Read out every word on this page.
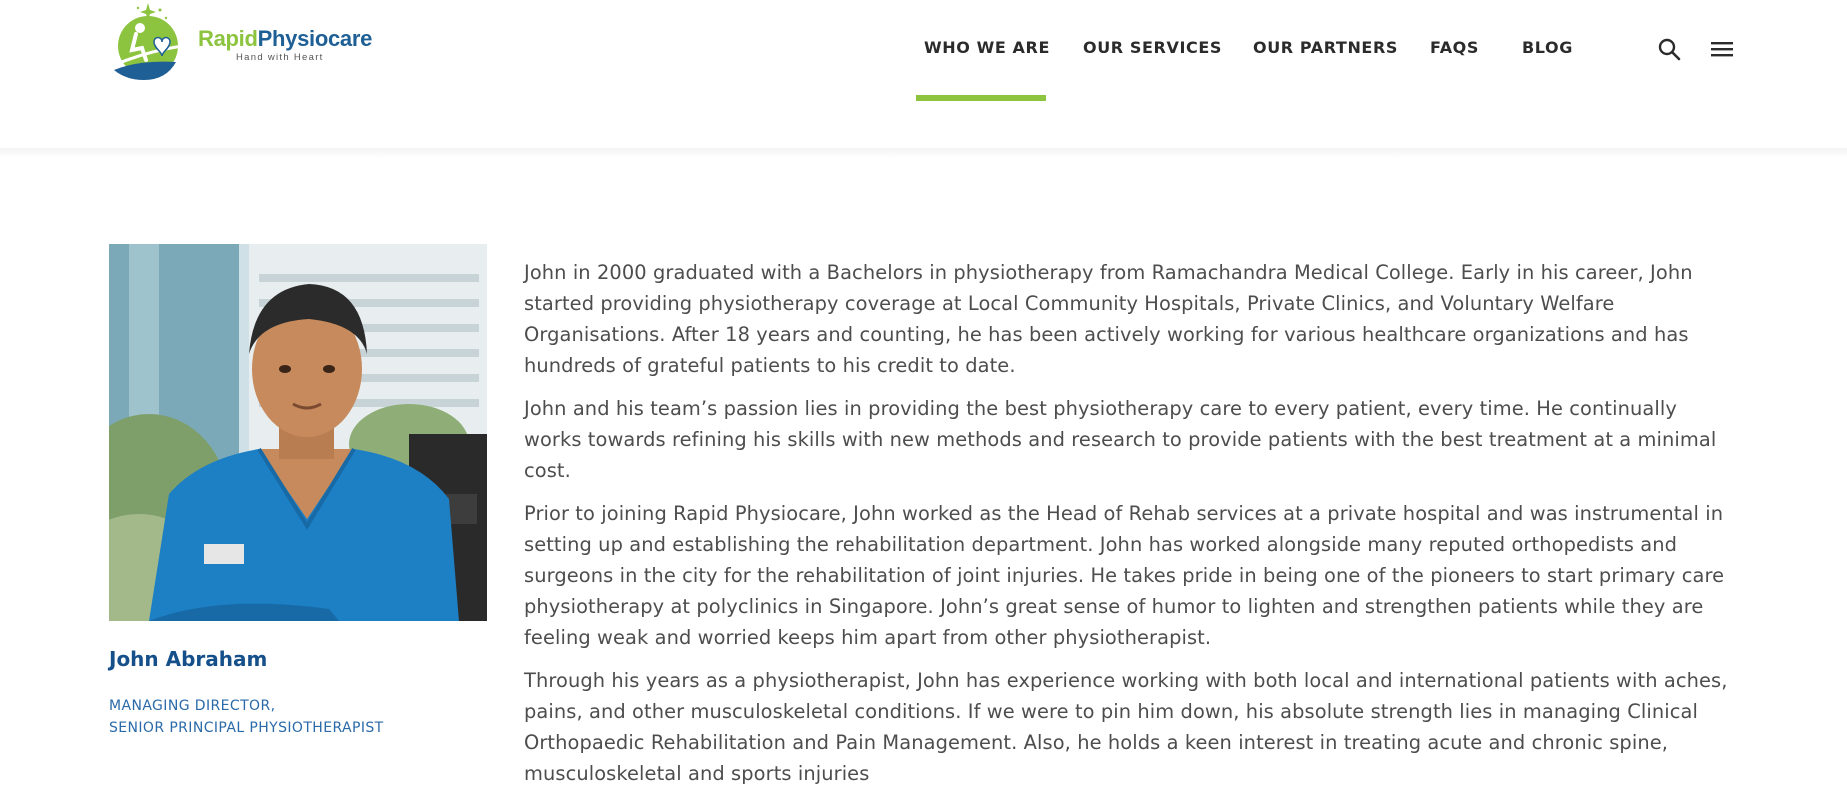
RapidPhysiocare
Hand with Heart
WHO WE ARE OUR SERVICES OUR PARTNERS FAQS	BLOG
John Abraham
MANAGING DIRECTOR,
SENIOR PRINCIPAL PHYSIOTHERAPIST

John in 2000 graduated with a Bachelors in physiotherapy from Ramachandra Medical College. Early in his career, John started providing physiotherapy coverage at Local Community Hospitals, Private Clinics, and Voluntary Welfare Organisations. After 18 years and counting, he has been actively working for various healthcare organizations and has hundreds of grateful patients to his credit to date.

John and his team’s passion lies in providing the best physiotherapy care to every patient, every time. He continually works towards refining his skills with new methods and research to provide patients with the best treatment at a minimal cost.

Prior to joining Rapid Physiocare, John worked as the Head of Rehab services at a private hospital and was instrumental in setting up and establishing the rehabilitation department. John has worked alongside many reputed orthopedists and surgeons in the city for the rehabilitation of joint injuries. He takes pride in being one of the pioneers to start primary care physiotherapy at polyclinics in Singapore. John’s great sense of humor to lighten and strengthen patients while they are feeling weak and worried keeps him apart from other physiotherapist.

Through his years as a physiotherapist, John has experience working with both local and international patients with aches, pains, and other musculoskeletal conditions. If we were to pin him down, his absolute strength lies in managing Clinical Orthopaedic Rehabilitation and Pain Management. Also, he holds a keen interest in treating acute and chronic spine, musculoskeletal and sports injuries
